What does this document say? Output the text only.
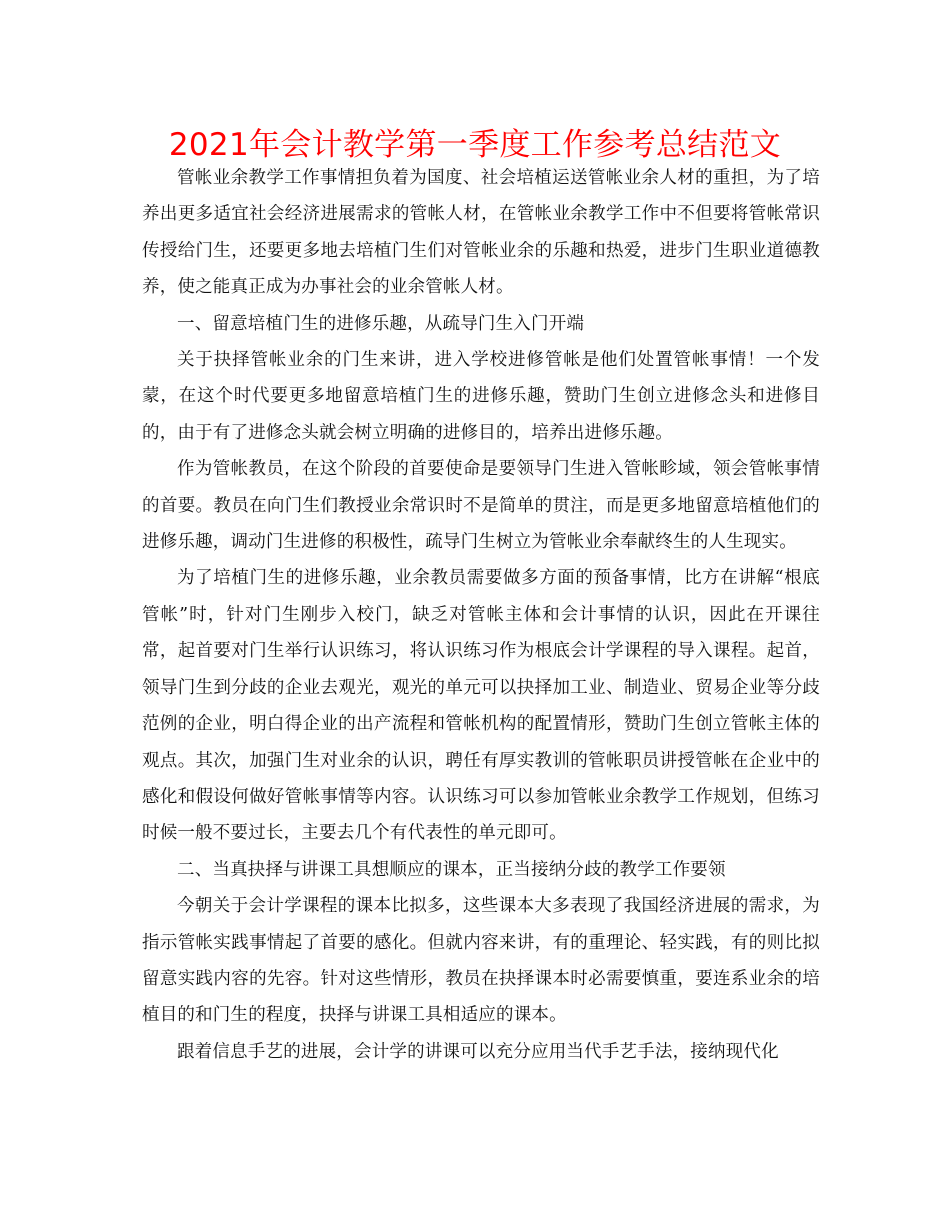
2021年会计教学第一季度工作参考总结范文

管帐业余教学工作事情担负着为国度、社会培植运送管帐业余人材的重担，为了培养出更多适宜社会经济进展需求的管帐人材，在管帐业余教学工作中不但要将管帐常识传授给门生，还要更多地去培植门生们对管帐业余的乐趣和热爱，进步门生职业道德教养，使之能真正成为办事社会的业余管帐人材。

一、留意培植门生的进修乐趣，从疏导门生入门开端

关于抉择管帐业余的门生来讲，进入学校进修管帐是他们处置管帐事情！一个发蒙，在这个时代要更多地留意培植门生的进修乐趣，赞助门生创立进修念头和进修目的，由于有了进修念头就会树立明确的进修目的，培养出进修乐趣。

作为管帐教员，在这个阶段的首要使命是要领导门生进入管帐畛域，领会管帐事情的首要。教员在向门生们教授业余常识时不是简单的贯注，而是更多地留意培植他们的进修乐趣，调动门生进修的积极性，疏导门生树立为管帐业余奉献终生的人生现实。

为了培植门生的进修乐趣，业余教员需要做多方面的预备事情，比方在讲解“根底管帐”时，针对门生刚步入校门，缺乏对管帐主体和会计事情的认识，因此在开课往常，起首要对门生举行认识练习，将认识练习作为根底会计学课程的导入课程。起首，领导门生到分歧的企业去观光，观光的单元可以抉择加工业、制造业、贸易企业等分歧范例的企业，明白得企业的出产流程和管帐机构的配置情形，赞助门生创立管帐主体的观点。其次，加强门生对业余的认识，聘任有厚实教训的管帐职员讲授管帐在企业中的感化和假设何做好管帐事情等内容。认识练习可以参加管帐业余教学工作规划，但练习时候一般不要过长，主要去几个有代表性的单元即可。

二、当真抉择与讲课工具想顺应的课本，正当接纳分歧的教学工作要领

今朝关于会计学课程的课本比拟多，这些课本大多表现了我国经济进展的需求，为指示管帐实践事情起了首要的感化。但就内容来讲，有的重理论、轻实践，有的则比拟留意实践内容的先容。针对这些情形，教员在抉择课本时必需要慎重，要连系业余的培植目的和门生的程度，抉择与讲课工具相适应的课本。

跟着信息手艺的进展，会计学的讲课可以充分应用当代手艺手法，接纳现代化
